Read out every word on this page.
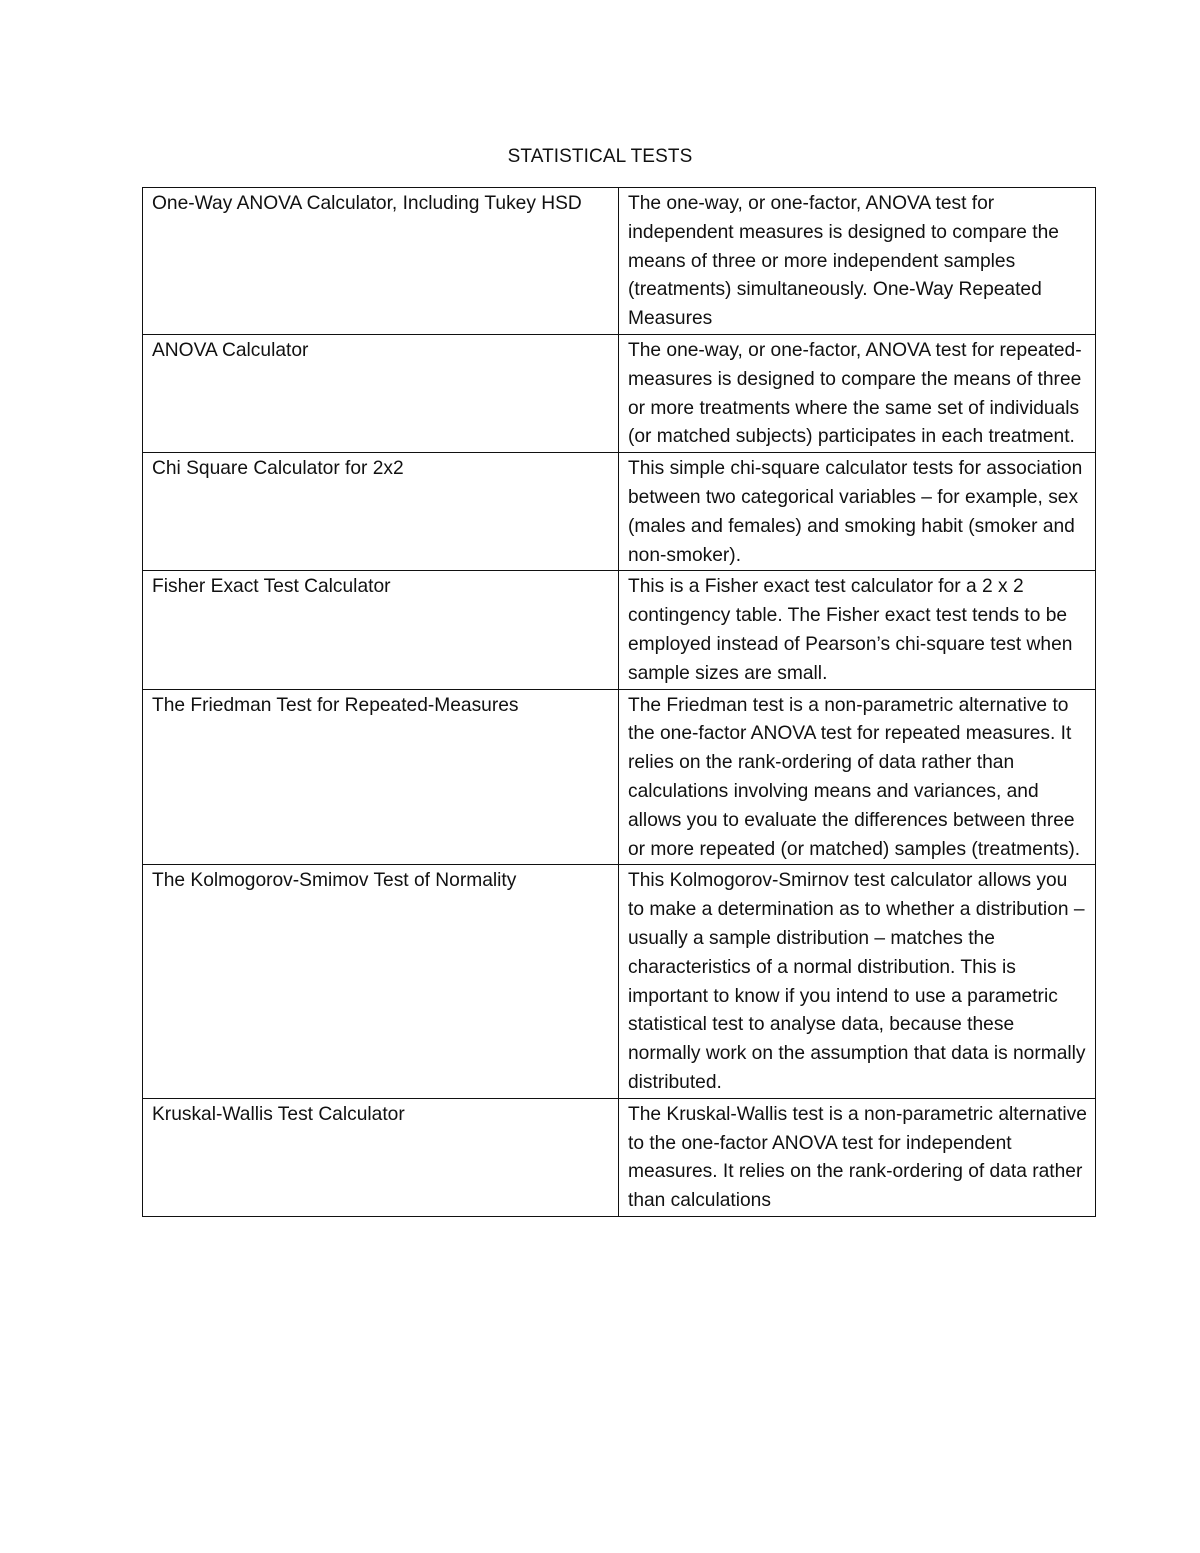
STATISTICAL TESTS
One-Way ANOVA Calculator, Including Tukey HSD	The one-way, or one-factor, ANOVA test for independent measures is designed to compare the means of three or more independent samples (treatments) simultaneously. One-Way Repeated Measures
ANOVA Calculator	The one-way, or one-factor, ANOVA test for repeated-measures is designed to compare the means of three or more treatments where the same set of individuals (or matched subjects) participates in each treatment.
Chi Square Calculator for 2x2	This simple chi-square calculator tests for association between two categorical variables – for example, sex (males and females) and smoking habit (smoker and non-smoker).
Fisher Exact Test Calculator	This is a Fisher exact test calculator for a 2 x 2 contingency table. The Fisher exact test tends to be employed instead of Pearson’s chi-square test when sample sizes are small.
The Friedman Test for Repeated-Measures	The Friedman test is a non-parametric alternative to the one-factor ANOVA test for repeated measures. It relies on the rank-ordering of data rather than calculations involving means and variances, and allows you to evaluate the differences between three or more repeated (or matched) samples (treatments).
The Kolmogorov-Smimov Test of Normality	This Kolmogorov-Smirnov test calculator allows you to make a determination as to whether a distribution – usually a sample distribution – matches the characteristics of a normal distribution. This is important to know if you intend to use a parametric statistical test to analyse data, because these normally work on the assumption that data is normally distributed.
Kruskal-Wallis Test Calculator	The Kruskal-Wallis test is a non-parametric alternative to the one-factor ANOVA test for independent measures. It relies on the rank-ordering of data rather than calculations
